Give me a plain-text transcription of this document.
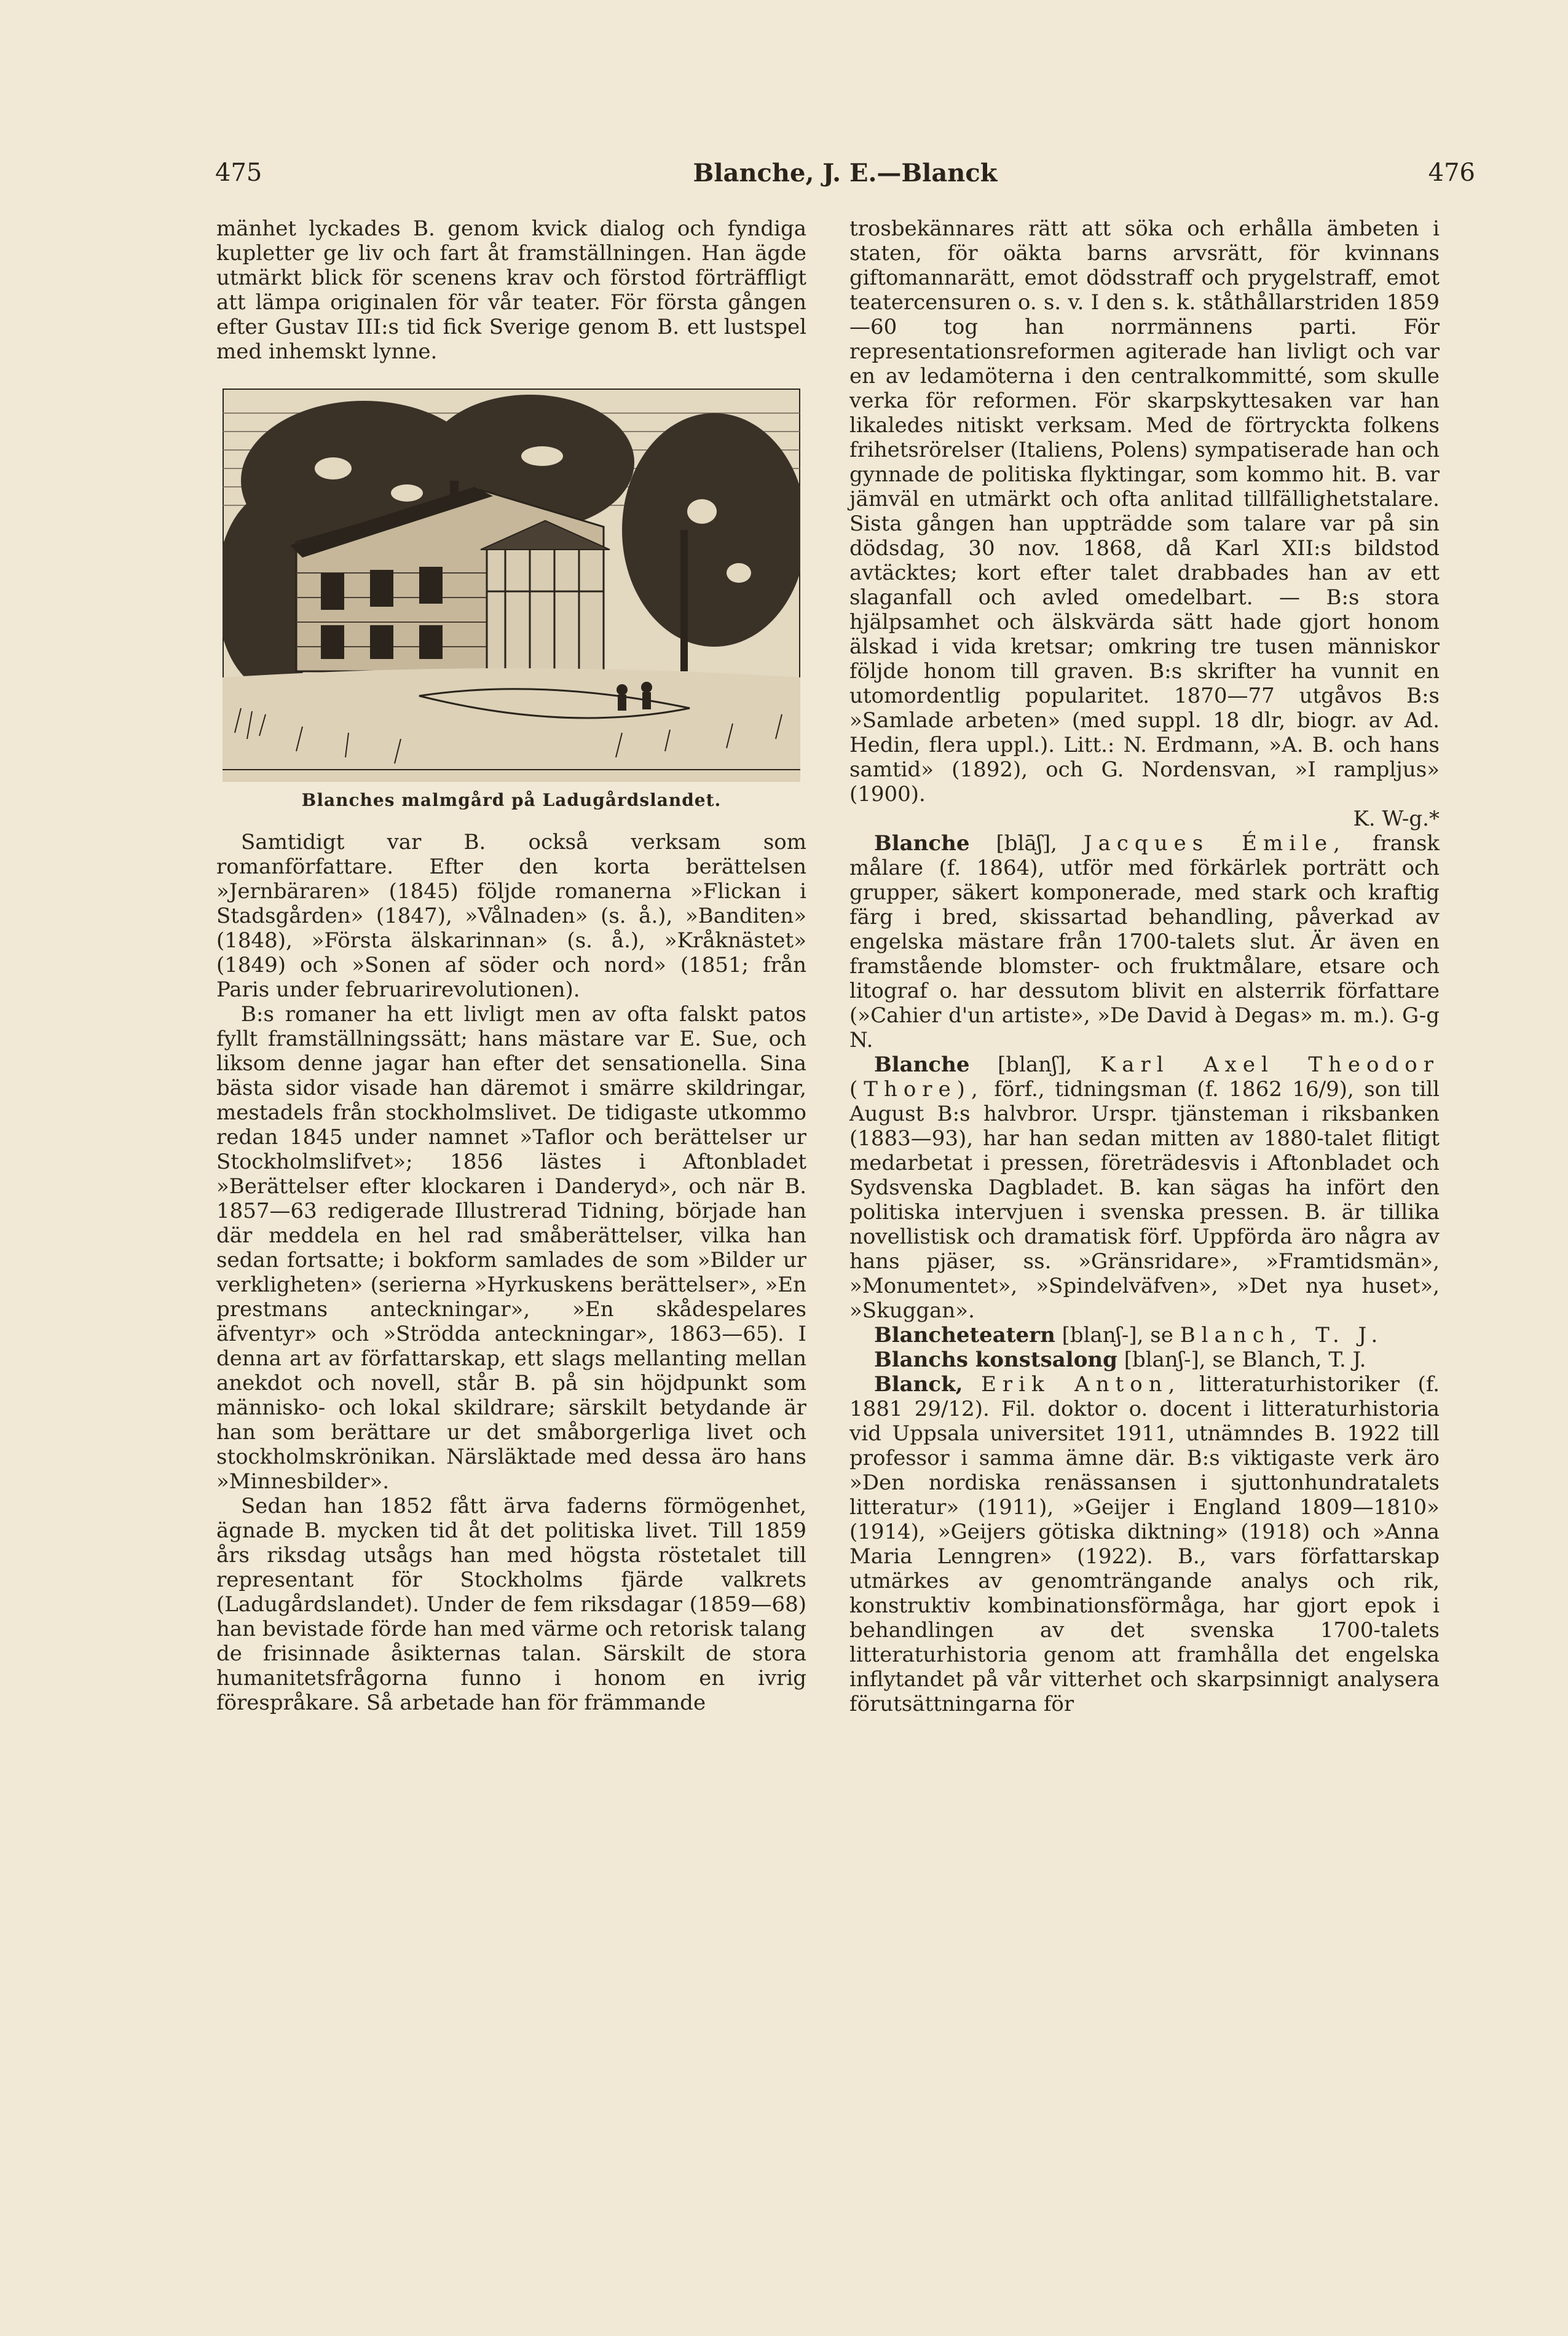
475	Blanche, J. E.—Blanck	476

mänhet lyckades B. genom kvick dialog och fyndiga kupletter ge liv och fart åt framställningen. Han ägde utmärkt blick för scenens krav och förstod förträffligt att lämpa originalen för vår teater. För första gången efter Gustav III:s tid fick Sverige genom B. ett lustspel med inhemskt lynne.

Blanches malmgård på Ladugårdslandet.

Samtidigt var B. också verksam som romanförfattare. Efter den korta berättelsen »Jernbäraren» (1845) följde romanerna »Flickan i Stadsgården» (1847), »Vålnaden» (s. å.), »Banditen» (1848), »Första älskarinnan» (s. å.), »Kråknästet» (1849) och »Sonen af söder och nord» (1851; från Paris under februarirevolutionen).

B:s romaner ha ett livligt men av ofta falskt patos fyllt framställningssätt; hans mästare var E. Sue, och liksom denne jagar han efter det sensationella. Sina bästa sidor visade han däremot i smärre skildringar, mestadels från stockholmslivet. De tidigaste utkommo redan 1845 under namnet »Taflor och berättelser ur Stockholmslifvet»; 1856 lästes i Aftonbladet »Berättelser efter klockaren i Danderyd», och när B. 1857—63 redigerade Illustrerad Tidning, började han där meddela en hel rad småberättelser, vilka han sedan fortsatte; i bokform samlades de som »Bilder ur verkligheten» (serierna »Hyrkuskens berättelser», »En prestmans anteckningar», »En skådespelares äfventyr» och »Strödda anteckningar», 1863—65). I denna art av författarskap, ett slags mellanting mellan anekdot och novell, står B. på sin höjdpunkt som människo- och lokal skildrare; särskilt betydande är han som berättare ur det småborgerliga livet och stockholmskrönikan. Närsläktade med dessa äro hans »Minnesbilder».

Sedan han 1852 fått ärva faderns förmögenhet, ägnade B. mycken tid åt det politiska livet. Till 1859 års riksdag utsågs han med högsta röstetalet till representant för Stockholms fjärde valkrets (Ladugårdslandet). Under de fem riksdagar (1859—68) han bevistade förde han med värme och retorisk talang de frisinnade åsikternas talan. Särskilt de stora humanitetsfrågorna funno i honom en ivrig förespråkare. Så arbetade han för främmande

trosbekännares rätt att söka och erhålla ämbeten i staten, för oäkta barns arvsrätt, för kvinnans giftomannarätt, emot dödsstraff och prygelstraff, emot teatercensuren o. s. v. I den s. k. ståthållarstriden 1859—60 tog han norrmännens parti. För representationsreformen agiterade han livligt och var en av ledamöterna i den centralkommitté, som skulle verka för reformen. För skarpskyttesaken var han likaledes nitiskt verksam. Med de förtryckta folkens frihetsrörelser (Italiens, Polens) sympatiserade han och gynnade de politiska flyktingar, som kommo hit. B. var jämväl en utmärkt och ofta anlitad tillfällighetstalare. Sista gången han uppträdde som talare var på sin dödsdag, 30 nov. 1868, då Karl XII:s bildstod avtäcktes; kort efter talet drabbades han av ett slaganfall och avled omedelbart. — B:s stora hjälpsamhet och älskvärda sätt hade gjort honom älskad i vida kretsar; omkring tre tusen människor följde honom till graven. B:s skrifter ha vunnit en utomordentlig popularitet. 1870—77 utgåvos B:s »Samlade arbeten» (med suppl. 18 dlr, biogr. av Ad. Hedin, flera uppl.). Litt.: N. Erdmann, »A. B. och hans samtid» (1892), och G. Nordensvan, »I rampljus» (1900).
K. W-g.*

Blanche [blāʃ], Jacques Émile, fransk målare (f. 1864), utför med förkärlek porträtt och grupper, säkert komponerade, med stark och kraftig färg i bred, skissartad behandling, påverkad av engelska mästare från 1700-talets slut. Är även en framstående blomster- och fruktmålare, etsare och litograf o. har dessutom blivit en alsterrik författare (»Cahier d'un artiste», »De David à Degas» m. m.). G-g N.

Blanche [blanʃ], Karl Axel Theodor (Thore), förf., tidningsman (f. 1862 16/9), son till August B:s halvbror. Urspr. tjänsteman i riksbanken (1883—93), har han sedan mitten av 1880-talet flitigt medarbetat i pressen, företrädesvis i Aftonbladet och Sydsvenska Dagbladet. B. kan sägas ha infört den politiska intervjuen i svenska pressen. B. är tillika novellistisk och dramatisk förf. Uppförda äro några av hans pjäser, ss. »Gränsridare», »Framtidsmän», »Monumentet», »Spindelväfven», »Det nya huset», »Skuggan».

Blancheteatern [blanʃ-], se Blanch, T. J.

Blanchs konstsalong [blanʃ-], se Blanch, T. J.

Blanck, Erik Anton, litteraturhistoriker (f. 1881 29/12). Fil. doktor o. docent i litteraturhistoria vid Uppsala universitet 1911, utnämndes B. 1922 till professor i samma ämne där. B:s viktigaste verk äro »Den nordiska renässansen i sjuttonhundratalets litteratur» (1911), »Geijer i England 1809—1810» (1914), »Geijers götiska diktning» (1918) och »Anna Maria Lenngren» (1922). B., vars författarskap utmärkes av genomträngande analys och rik, konstruktiv kombinationsförmåga, har gjort epok i behandlingen av det svenska 1700-talets litteraturhistoria genom att framhålla det engelska inflytandet på vår vitterhet och skarpsinnigt analysera förutsättningarna för
